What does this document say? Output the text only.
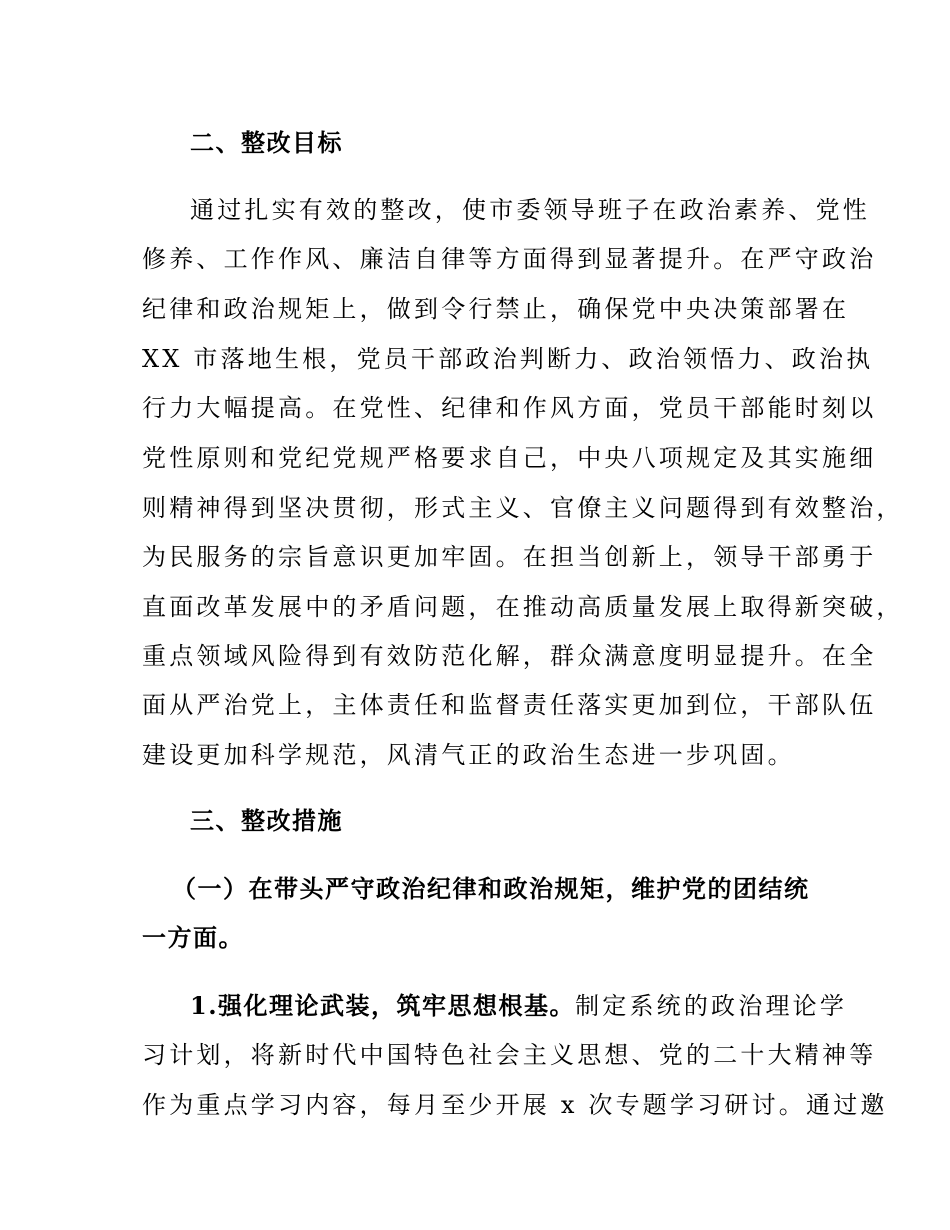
二、整改目标
通过扎实有效的整改，使市委领导班子在政治素养、党性
修养、工作作风、廉洁自律等方面得到显著提升。在严守政治
纪律和政治规矩上，做到令行禁止，确保党中央决策部署在
XX 市落地生根，党员干部政治判断力、政治领悟力、政治执
行力大幅提高。在党性、纪律和作风方面，党员干部能时刻以
党性原则和党纪党规严格要求自己，中央八项规定及其实施细
则精神得到坚决贯彻，形式主义、官僚主义问题得到有效整治，
为民服务的宗旨意识更加牢固。在担当创新上，领导干部勇于
直面改革发展中的矛盾问题，在推动高质量发展上取得新突破，
重点领域风险得到有效防范化解，群众满意度明显提升。在全
面从严治党上，主体责任和监督责任落实更加到位，干部队伍
建设更加科学规范，风清气正的政治生态进一步巩固。
三、整改措施
（一）在带头严守政治纪律和政治规矩，维护党的团结统
一方面。
1.强化理论武装，筑牢思想根基。制定系统的政治理论学
习计划，将新时代中国特色社会主义思想、党的二十大精神等
作为重点学习内容，每月至少开展 x 次专题学习研讨。通过邀
